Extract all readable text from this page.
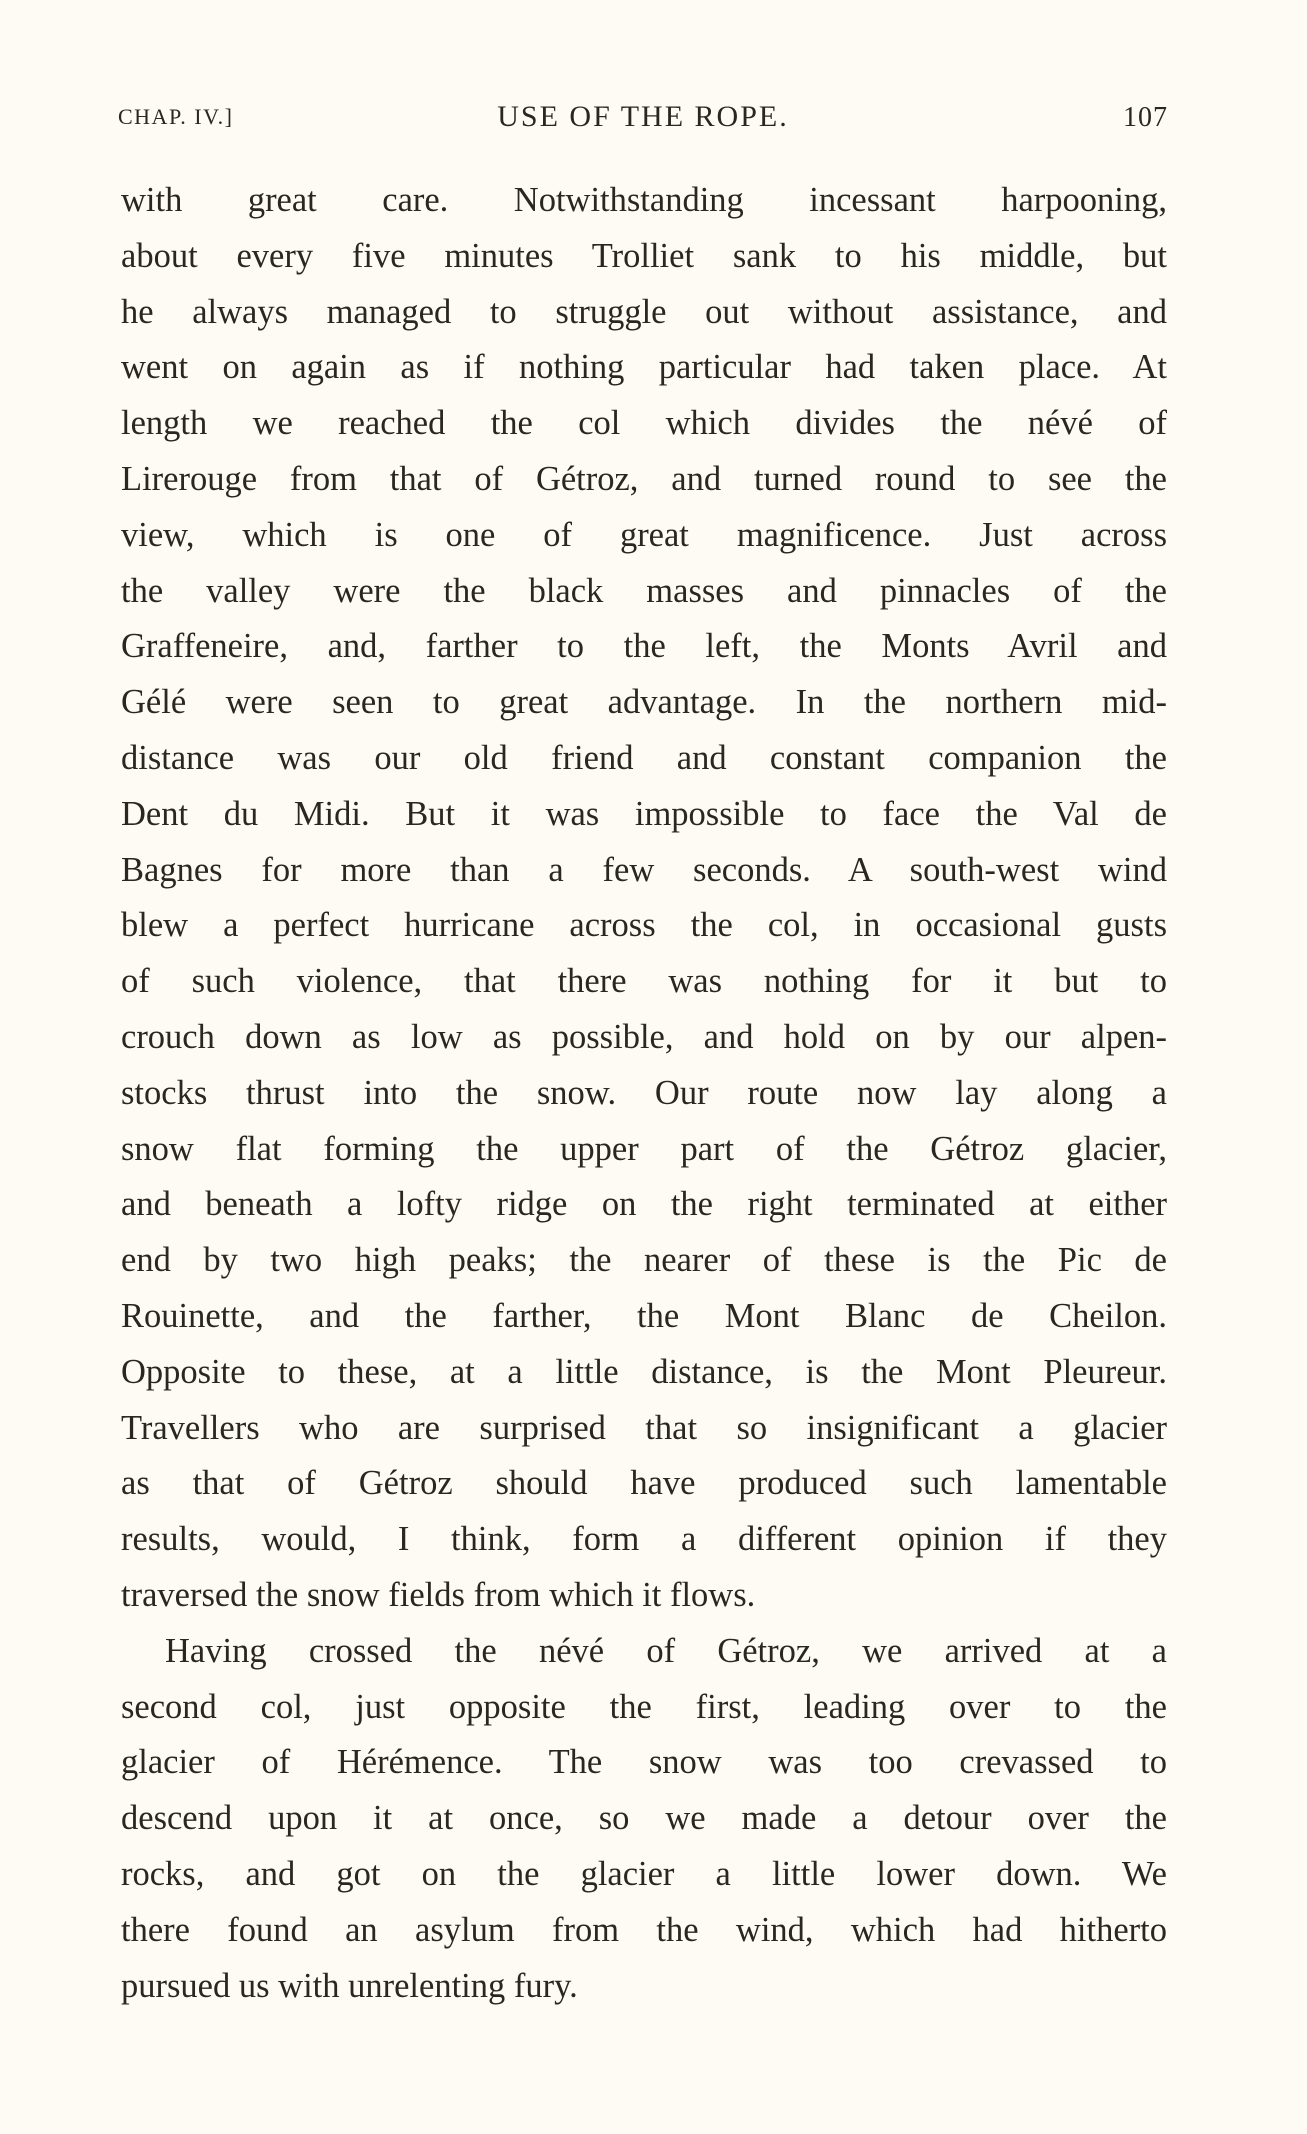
CHAP. IV.]	USE OF THE ROPE.	107
with great care. Notwithstanding incessant harpooning,
about every five minutes Trolliet sank to his middle, but
he always managed to struggle out without assistance, and
went on again as if nothing particular had taken place. At
length we reached the col which divides the névé of
Lirerouge from that of Gétroz, and turned round to see the
view, which is one of great magnificence. Just across
the valley were the black masses and pinnacles of the
Graffeneire, and, farther to the left, the Monts Avril and
Gélé were seen to great advantage. In the northern mid-
distance was our old friend and constant companion the
Dent du Midi. But it was impossible to face the Val de
Bagnes for more than a few seconds. A south-west wind
blew a perfect hurricane across the col, in occasional gusts
of such violence, that there was nothing for it but to
crouch down as low as possible, and hold on by our alpen-
stocks thrust into the snow. Our route now lay along a
snow flat forming the upper part of the Gétroz glacier,
and beneath a lofty ridge on the right terminated at either
end by two high peaks; the nearer of these is the Pic de
Rouinette, and the farther, the Mont Blanc de Cheilon.
Opposite to these, at a little distance, is the Mont Pleureur.
Travellers who are surprised that so insignificant a glacier
as that of Gétroz should have produced such lamentable
results, would, I think, form a different opinion if they
traversed the snow fields from which it flows.
Having crossed the névé of Gétroz, we arrived at a
second col, just opposite the first, leading over to the
glacier of Hérémence. The snow was too crevassed to
descend upon it at once, so we made a detour over the
rocks, and got on the glacier a little lower down. We
there found an asylum from the wind, which had hitherto
pursued us with unrelenting fury.
